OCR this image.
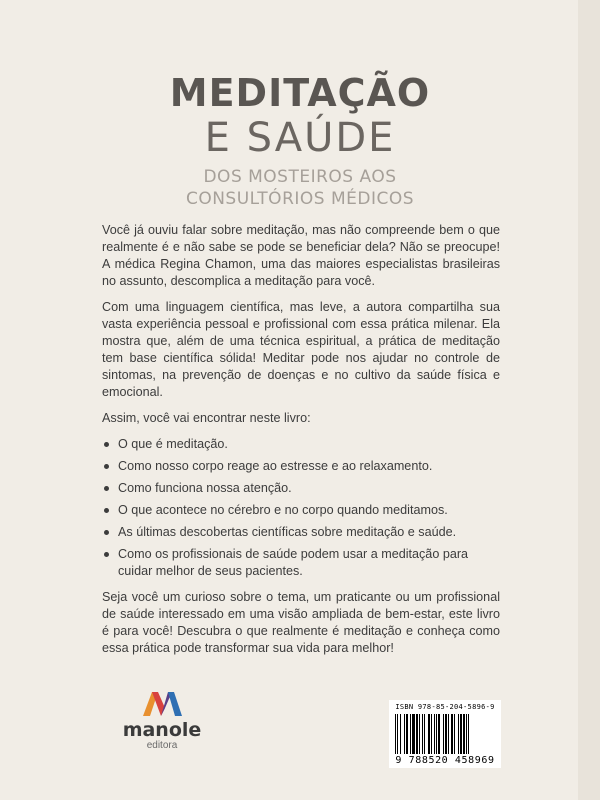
MEDITAÇÃO
E SAÚDE
DOS MOSTEIROS AOS
CONSULTÓRIOS MÉDICOS

Você já ouviu falar sobre meditação, mas não compreende bem o que realmente é e não sabe se pode se beneficiar dela? Não se preocupe! A médica Regina Chamon, uma das maiores especialistas brasileiras no assunto, descomplica a meditação para você.

Com uma linguagem científica, mas leve, a autora compartilha sua vasta experiência pessoal e profissional com essa prática milenar. Ela mostra que, além de uma técnica espiritual, a prática de meditação tem base científica sólida! Meditar pode nos ajudar no controle de sintomas, na prevenção de doenças e no cultivo da saúde física e emocional.

Assim, você vai encontrar neste livro:

O que é meditação.
Como nosso corpo reage ao estresse e ao relaxamento.
Como funciona nossa atenção.
O que acontece no cérebro e no corpo quando meditamos.
As últimas descobertas científicas sobre meditação e saúde.
Como os profissionais de saúde podem usar a meditação para cuidar melhor de seus pacientes.

Seja você um curioso sobre o tema, um praticante ou um profissional de saúde interessado em uma visão ampliada de bem-estar, este livro é para você! Descubra o que realmente é meditação e conheça como essa prática pode transformar sua vida para melhor!

manole
editora
ISBN 978-85-204-5896-9
9 788520 458969
